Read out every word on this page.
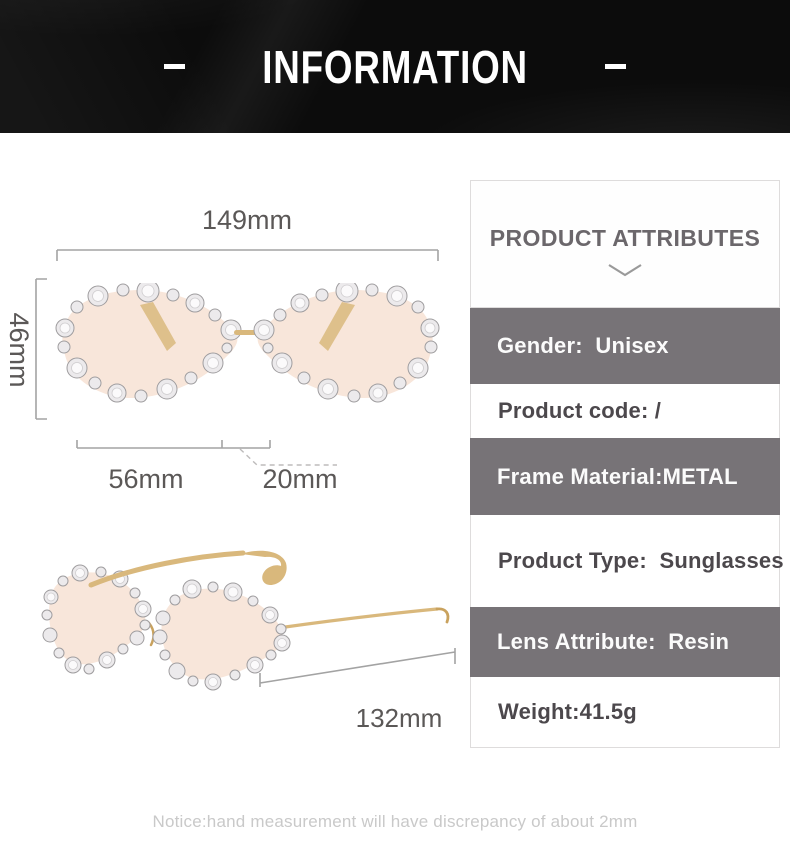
INFORMATION
149mm
46mm
56mm	20mm
132mm
PRODUCT ATTRIBUTES
Gender:  Unisex
Product code: /
Frame Material:METAL
Product Type:  Sunglasses
Lens Attribute:  Resin
Weight:41.5g
Notice:hand measurement will have discrepancy of about 2mm
